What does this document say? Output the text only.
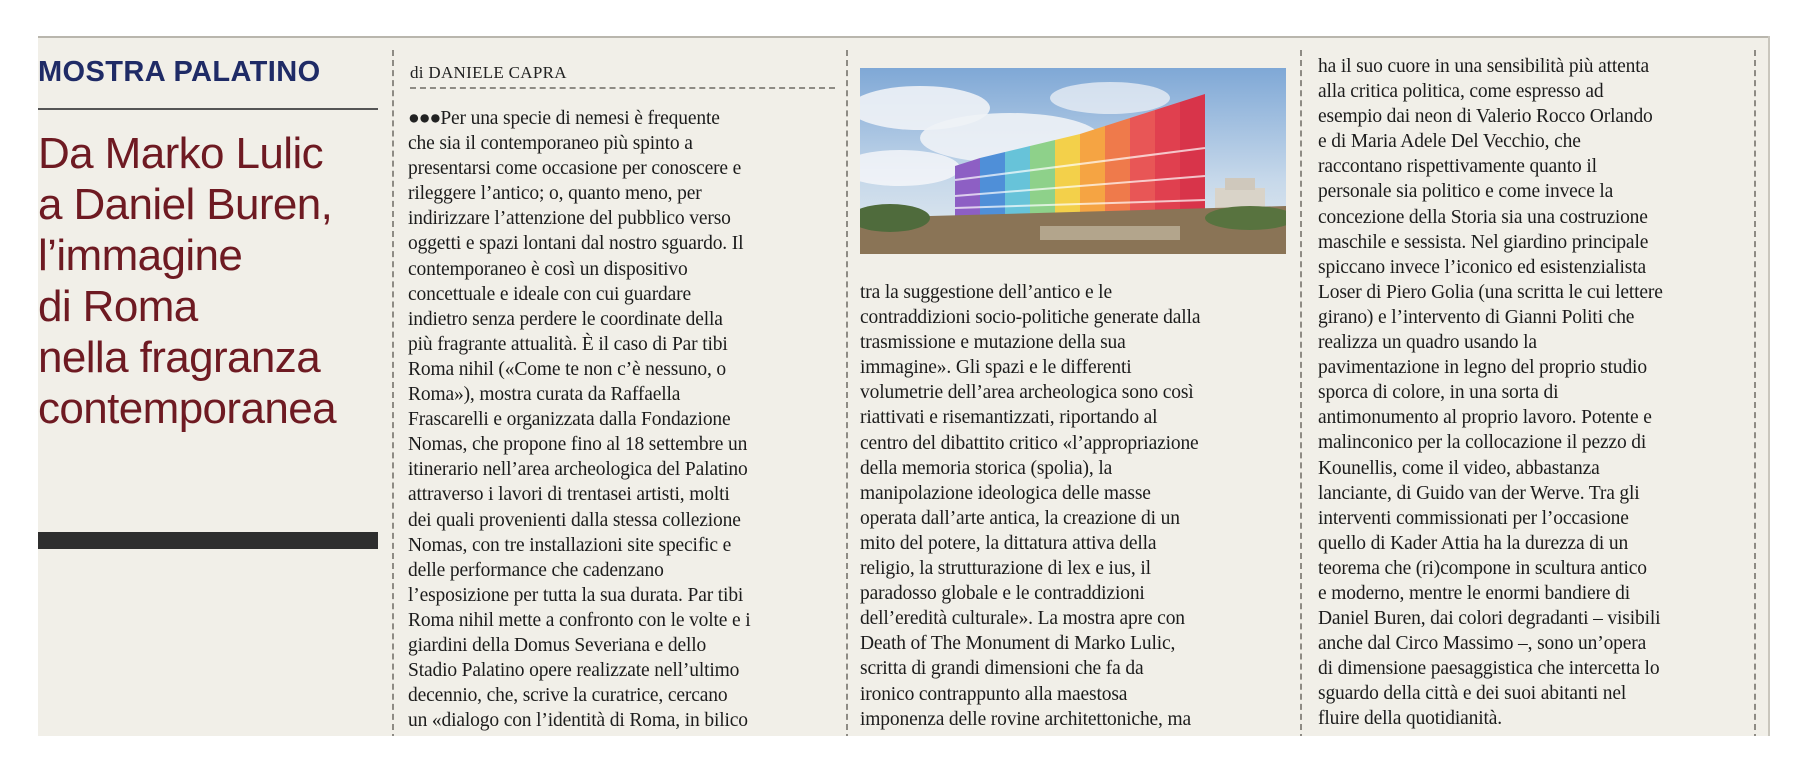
MOSTRA PALATINO
Da Marko Lulic
a Daniel Buren,
l’immagine
di Roma
nella fragranza
contemporanea
di DANIELE CAPRA

●●●Per una specie di nemesi è frequente
che sia il contemporaneo più spinto a
presentarsi come occasione per conoscere e
rileggere l’antico; o, quanto meno, per
indirizzare l’attenzione del pubblico verso
oggetti e spazi lontani dal nostro sguardo. Il
contemporaneo è così un dispositivo
concettuale e ideale con cui guardare
indietro senza perdere le coordinate della
più fragrante attualità. È il caso di Par tibi
Roma nihil («Come te non c’è nessuno, o
Roma»), mostra curata da Raffaella
Frascarelli e organizzata dalla Fondazione
Nomas, che propone fino al 18 settembre un
itinerario nell’area archeologica del Palatino
attraverso i lavori di trentasei artisti, molti
dei quali provenienti dalla stessa collezione
Nomas, con tre installazioni site specific e
delle performance che cadenzano
l’esposizione per tutta la sua durata. Par tibi
Roma nihil mette a confronto con le volte e i
giardini della Domus Severiana e dello
Stadio Palatino opere realizzate nell’ultimo
decennio, che, scrive la curatrice, cercano
un «dialogo con l’identità di Roma, in bilico

tra la suggestione dell’antico e le
contraddizioni socio-politiche generate dalla
trasmissione e mutazione della sua
immagine». Gli spazi e le differenti
volumetrie dell’area archeologica sono così
riattivati e risemantizzati, riportando al
centro del dibattito critico «l’appropriazione
della memoria storica (spolia), la
manipolazione ideologica delle masse
operata dall’arte antica, la creazione di un
mito del potere, la dittatura attiva della
religio, la strutturazione di lex e ius, il
paradosso globale e le contraddizioni
dell’eredità culturale». La mostra apre con
Death of The Monument di Marko Lulic,
scritta di grandi dimensioni che fa da
ironico contrappunto alla maestosa
imponenza delle rovine architettoniche, ma

ha il suo cuore in una sensibilità più attenta
alla critica politica, come espresso ad
esempio dai neon di Valerio Rocco Orlando
e di Maria Adele Del Vecchio, che
raccontano rispettivamente quanto il
personale sia politico e come invece la
concezione della Storia sia una costruzione
maschile e sessista. Nel giardino principale
spiccano invece l’iconico ed esistenzialista
Loser di Piero Golia (una scritta le cui lettere
girano) e l’intervento di Gianni Politi che
realizza un quadro usando la
pavimentazione in legno del proprio studio
sporca di colore, in una sorta di
antimonumento al proprio lavoro. Potente e
malinconico per la collocazione il pezzo di
Kounellis, come il video, abbastanza
lanciante, di Guido van der Werve. Tra gli
interventi commissionati per l’occasione
quello di Kader Attia ha la durezza di un
teorema che (ri)compone in scultura antico
e moderno, mentre le enormi bandiere di
Daniel Buren, dai colori degradanti – visibili
anche dal Circo Massimo –, sono un’opera
di dimensione paesaggistica che intercetta lo
sguardo della città e dei suoi abitanti nel
fluire della quotidianità.
